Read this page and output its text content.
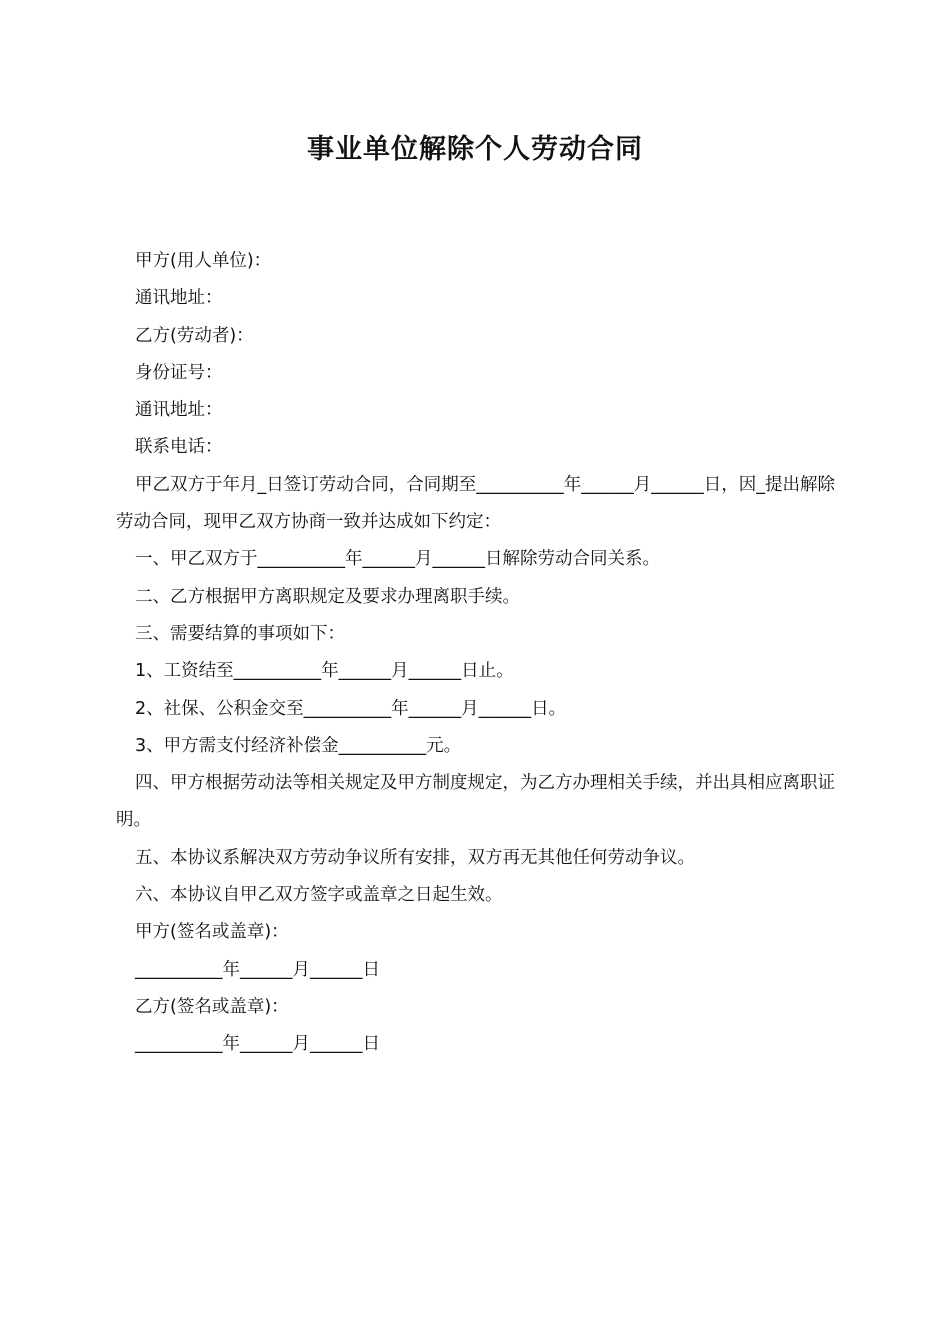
事业单位解除个人劳动合同

甲方(用人单位)：

通讯地址：

乙方(劳动者)：

身份证号：

通讯地址：

联系电话：

甲乙双方于年月_日签订劳动合同，合同期至__________年______月______日，因_提出解除劳动合同，现甲乙双方协商一致并达成如下约定：

一、甲乙双方于__________年______月______日解除劳动合同关系。

二、乙方根据甲方离职规定及要求办理离职手续。

三、需要结算的事项如下：

1、工资结至__________年______月______日止。

2、社保、公积金交至__________年______月______日。

3、甲方需支付经济补偿金__________元。

四、甲方根据劳动法等相关规定及甲方制度规定，为乙方办理相关手续，并出具相应离职证明。

五、本协议系解决双方劳动争议所有安排，双方再无其他任何劳动争议。

六、本协议自甲乙双方签字或盖章之日起生效。

甲方(签名或盖章)：

__________年______月______日

乙方(签名或盖章)：

__________年______月______日
